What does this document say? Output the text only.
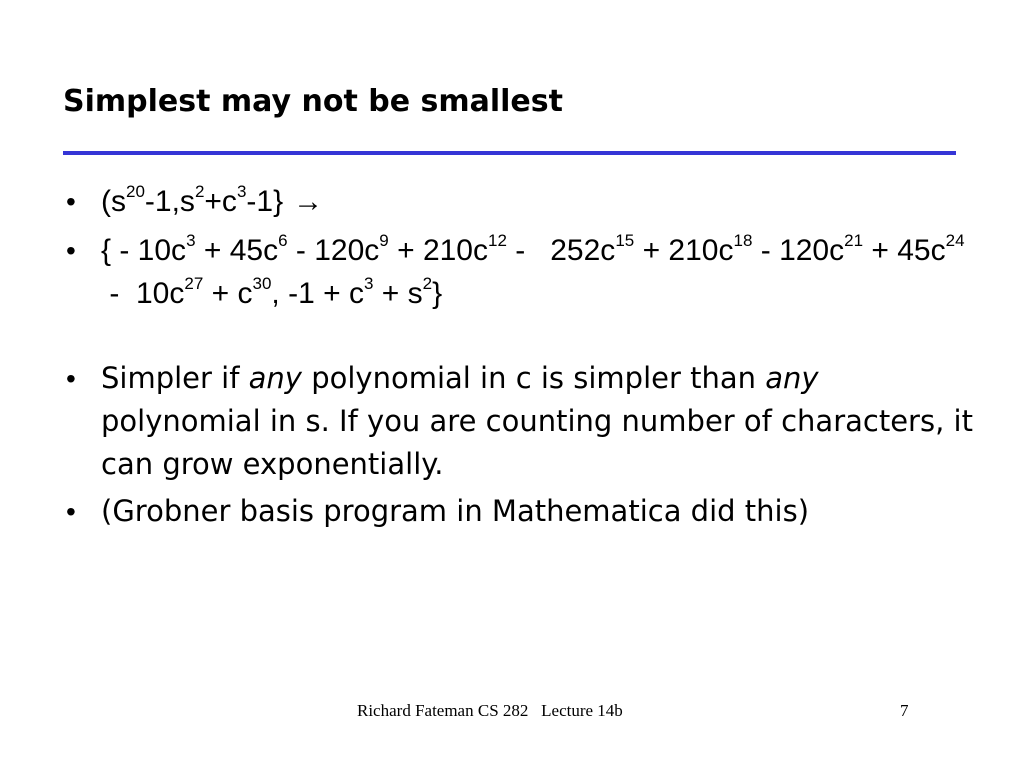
Simplest may not be smallest
• $(s^{20}-1,s^2+c^3-1\}$ →
• { - $10c^3 + 45c^6 - 120c^9 + 210c^{12} - 252c^{15} + 210c^{18} - 120c^{21} + 45c^{24} - 10c^{27} + c^{30}$, $-1 + c^3 + s^2$}
• Simpler if any polynomial in c is simpler than any polynomial in s. If you are counting number of characters, it can grow exponentially.
• (Grobner basis program in Mathematica did this)
Richard Fateman CS 282   Lecture 14b	7
